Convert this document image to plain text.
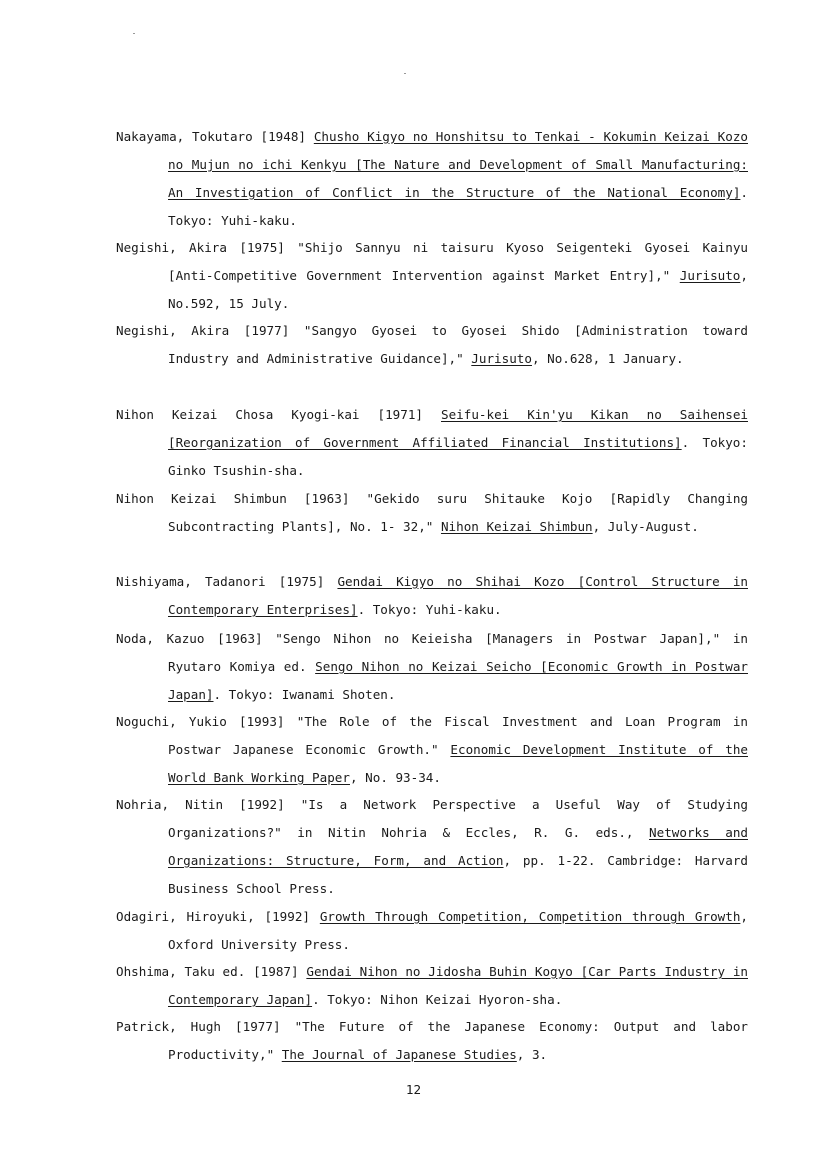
Nakayama, Tokutaro [1948] Chusho Kigyo no Honshitsu to Tenkai - Kokumin Keizai Kozo no Mujun no ichi Kenkyu [The Nature and Development of Small Manufacturing: An Investigation of Conflict in the Structure of the National Economy]. Tokyo: Yuhi-kaku.
Negishi, Akira [1975] "Shijo Sannyu ni taisuru Kyoso Seigenteki Gyosei Kainyu [Anti-Competitive Government Intervention against Market Entry]," Jurisuto, No.592, 15 July.
Negishi, Akira [1977] "Sangyo Gyosei to Gyosei Shido [Administration toward Industry and Administrative Guidance]," Jurisuto, No.628, 1 January.
Nihon Keizai Chosa Kyogi-kai [1971] Seifu-kei Kin'yu Kikan no Saihensei [Reorganization of Government Affiliated Financial Institutions]. Tokyo: Ginko Tsushin-sha.
Nihon Keizai Shimbun [1963] "Gekido suru Shitauke Kojo [Rapidly Changing Subcontracting Plants], No. 1- 32," Nihon Keizai Shimbun, July-August.
Nishiyama, Tadanori [1975] Gendai Kigyo no Shihai Kozo [Control Structure in Contemporary Enterprises]. Tokyo: Yuhi-kaku.
Noda, Kazuo [1963] "Sengo Nihon no Keieisha [Managers in Postwar Japan]," in Ryutaro Komiya ed. Sengo Nihon no Keizai Seicho [Economic Growth in Postwar Japan]. Tokyo: Iwanami Shoten.
Noguchi, Yukio [1993] "The Role of the Fiscal Investment and Loan Program in Postwar Japanese Economic Growth." Economic Development Institute of the World Bank Working Paper, No. 93-34.
Nohria, Nitin [1992] "Is a Network Perspective a Useful Way of Studying Organizations?" in Nitin Nohria & Eccles, R. G. eds., Networks and Organizations: Structure, Form, and Action, pp. 1-22. Cambridge: Harvard Business School Press.
Odagiri, Hiroyuki, [1992] Growth Through Competition, Competition through Growth, Oxford University Press.
Ohshima, Taku ed. [1987] Gendai Nihon no Jidosha Buhin Kogyo [Car Parts Industry in Contemporary Japan]. Tokyo: Nihon Keizai Hyoron-sha.
Patrick, Hugh [1977] "The Future of the Japanese Economy: Output and labor Productivity," The Journal of Japanese Studies, 3.
12
